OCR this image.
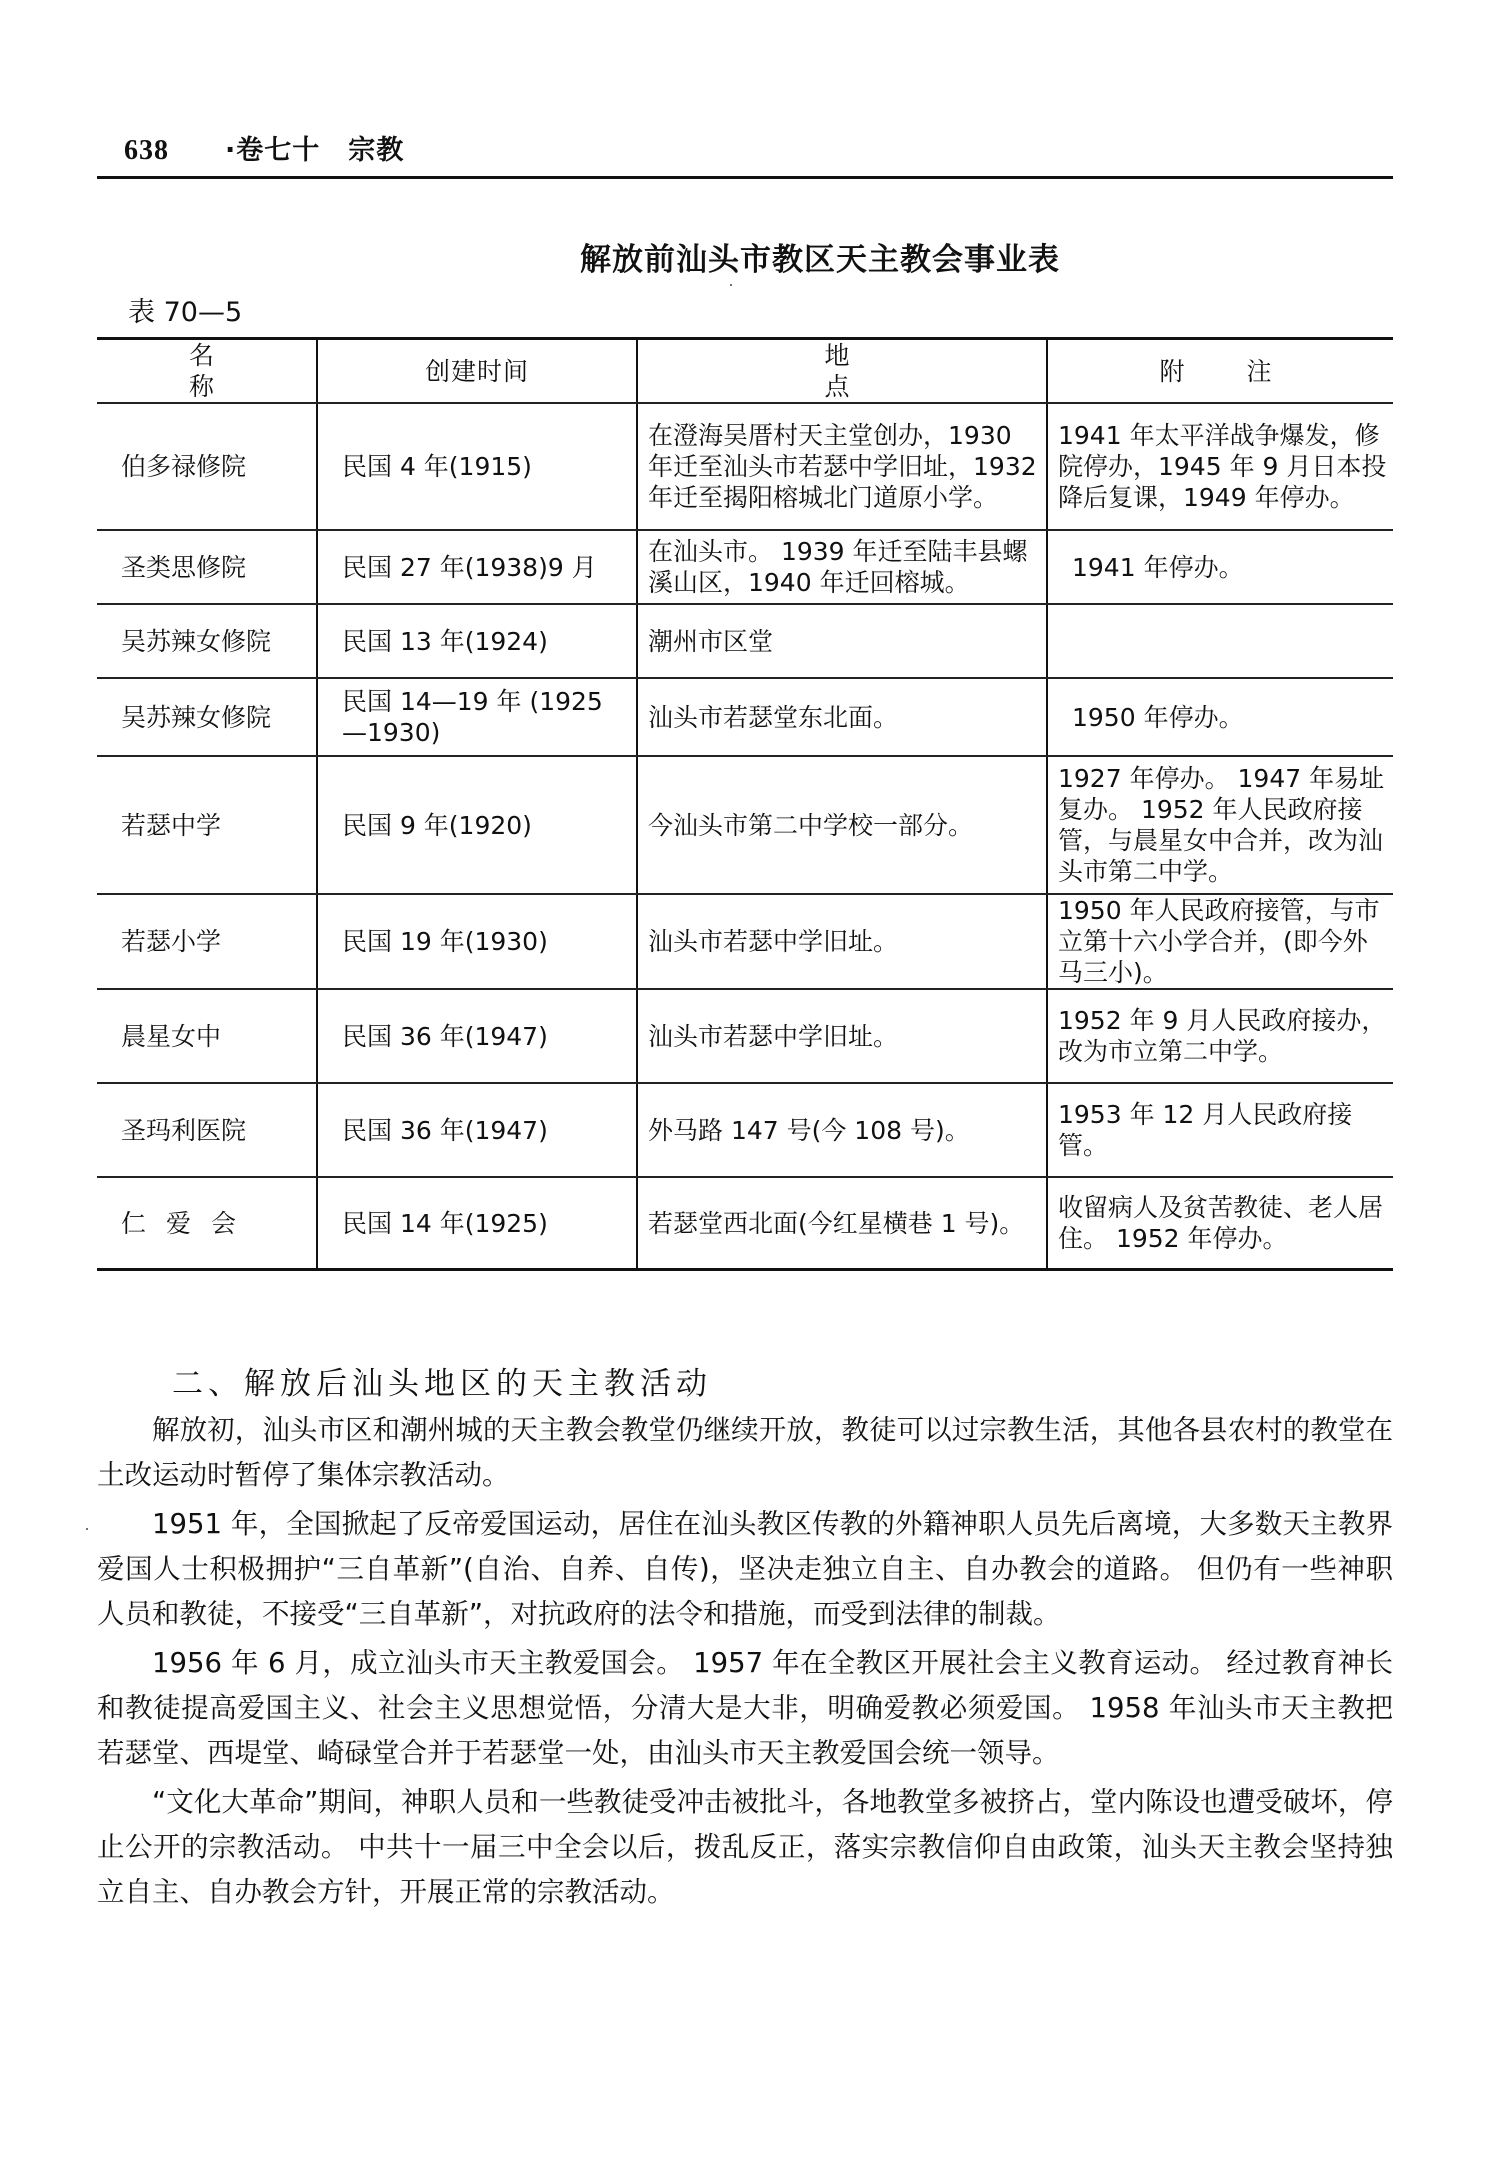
638 ·卷七十　宗教
解放前汕头市教区天主教会事业表
表 70—5
名称	创建时间	地点	附注
伯多禄修院	民国 4 年(1915)	在澄海吴厝村天主堂创办，1930 年迁至汕头市若瑟中学旧址，1932 年迁至揭阳榕城北门道原小学。	1941 年太平洋战争爆发，修院停办，1945 年 9 月日本投降后复课，1949 年停办。
圣类思修院	民国 27 年(1938)9 月	在汕头市。 1939 年迁至陆丰县螺溪山区，1940 年迁回榕城。	1941 年停办。
吴苏辣女修院	民国 13 年(1924)	潮州市区堂	
吴苏辣女修院	民国 14—19 年 (1925—1930)	汕头市若瑟堂东北面。	1950 年停办。
若瑟中学	民国 9 年(1920)	今汕头市第二中学校一部分。	1927 年停办。 1947 年易址复办。 1952 年人民政府接管，与晨星女中合并，改为汕头市第二中学。
若瑟小学	民国 19 年(1930)	汕头市若瑟中学旧址。	1950 年人民政府接管，与市立第十六小学合并，(即今外马三小)。
晨星女中	民国 36 年(1947)	汕头市若瑟中学旧址。	1952 年 9 月人民政府接办，改为市立第二中学。
圣玛利医院	民国 36 年(1947)	外马路 147 号(今 108 号)。	1953 年 12 月人民政府接管。
仁爱会	民国 14 年(1925)	若瑟堂西北面(今红星横巷 1 号)。	收留病人及贫苦教徒、老人居住。 1952 年停办。
二、解放后汕头地区的天主教活动

解放初，汕头市区和潮州城的天主教会教堂仍继续开放，教徒可以过宗教生活，其他各县农村的教堂在土改运动时暂停了集体宗教活动。

1951 年，全国掀起了反帝爱国运动，居住在汕头教区传教的外籍神职人员先后离境，大多数天主教界爱国人士积极拥护“三自革新”(自治、自养、自传)，坚决走独立自主、自办教会的道路。 但仍有一些神职人员和教徒，不接受“三自革新”，对抗政府的法令和措施，而受到法律的制裁。

1956 年 6 月，成立汕头市天主教爱国会。 1957 年在全教区开展社会主义教育运动。 经过教育神长和教徒提高爱国主义、社会主义思想觉悟，分清大是大非，明确爱教必须爱国。 1958 年汕头市天主教把若瑟堂、西堤堂、崎碌堂合并于若瑟堂一处，由汕头市天主教爱国会统一领导。

“文化大革命”期间，神职人员和一些教徒受冲击被批斗，各地教堂多被挤占，堂内陈设也遭受破坏，停止公开的宗教活动。 中共十一届三中全会以后，拨乱反正，落实宗教信仰自由政策，汕头天主教会坚持独立自主、自办教会方针，开展正常的宗教活动。
